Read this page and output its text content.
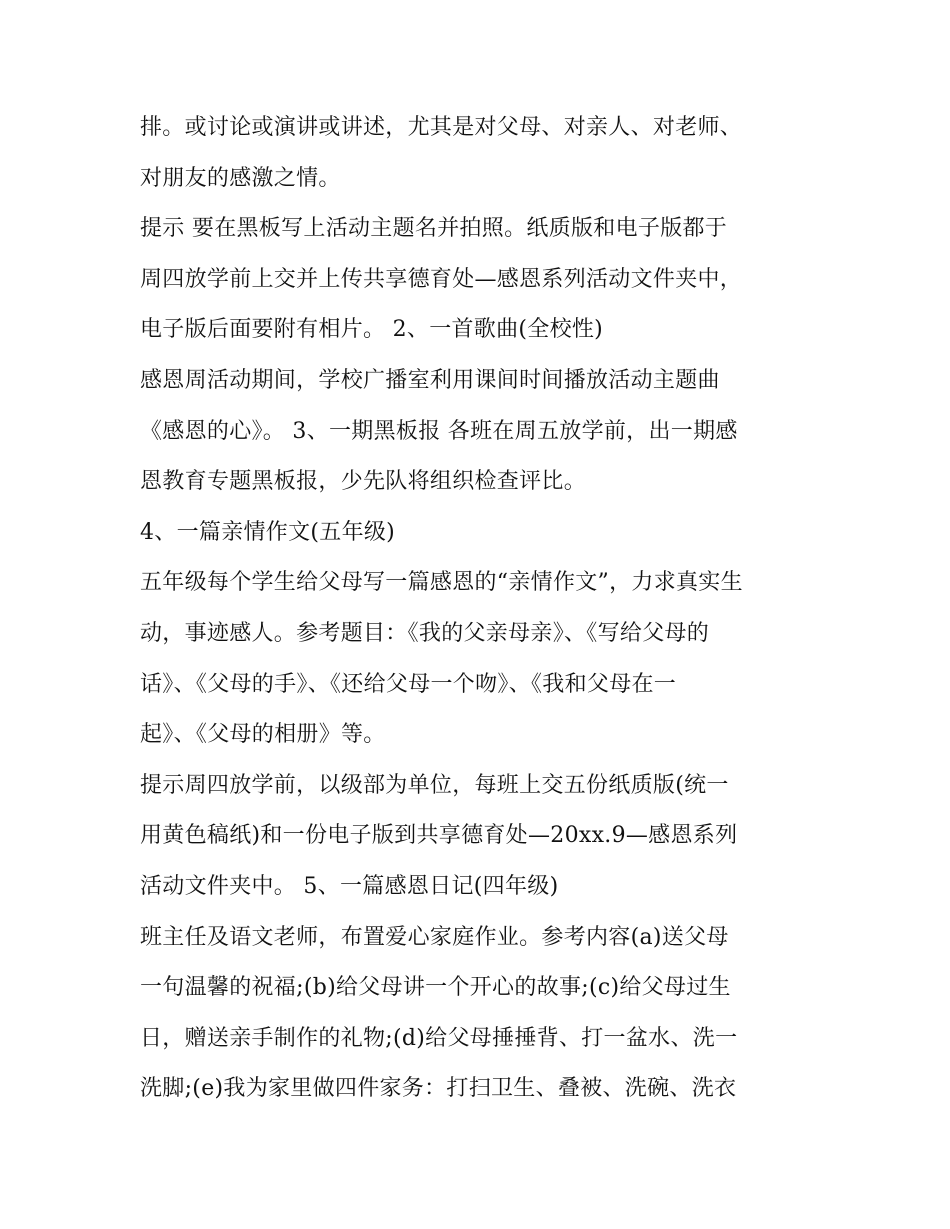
排。或讨论或演讲或讲述，尤其是对父母、对亲人、对老师、
对朋友的感激之情。
提示 要在黑板写上活动主题名并拍照。纸质版和电子版都于
周四放学前上交并上传共享德育处—感恩系列活动文件夹中，
电子版后面要附有相片。 2、一首歌曲(全校性)
感恩周活动期间，学校广播室利用课间时间播放活动主题曲
《感恩的心》。 3、一期黑板报 各班在周五放学前，出一期感
恩教育专题黑板报，少先队将组织检查评比。
4、一篇亲情作文(五年级)
五年级每个学生给父母写一篇感恩的“亲情作文”，力求真实生
动，事迹感人。参考题目：《我的父亲母亲》、《写给父母的
话》、《父母的手》、《还给父母一个吻》、《我和父母在一
起》、《父母的相册》等。
提示周四放学前，以级部为单位，每班上交五份纸质版(统一
用黄色稿纸)和一份电子版到共享德育处—20xx.9—感恩系列
活动文件夹中。 5、一篇感恩日记(四年级)
班主任及语文老师，布置爱心家庭作业。参考内容(a)送父母
一句温馨的祝福;(b)给父母讲一个开心的故事;(c)给父母过生
日，赠送亲手制作的礼物;(d)给父母捶捶背、打一盆水、洗一
洗脚;(e)我为家里做四件家务：打扫卫生、叠被、洗碗、洗衣
